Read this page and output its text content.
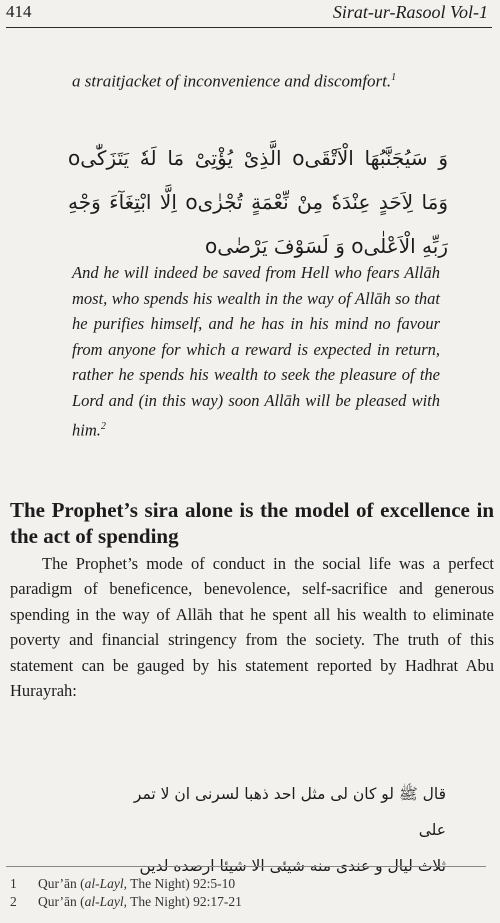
414	Sirat-ur-Rasool Vol-1

a straitjacket of inconvenience and discomfort.$^1$

وَ سَيُجَنَّبُهَا الْاَتْقَىo الَّذِىْ يُؤْتِىْ مَا لَهٗ يَتَزَكّٰىo وَمَا لِاَحَدٍ عِنْدَهٗ مِنْ نِّعْمَةٍ تُجْزٰىo اِلَّا ابْتِغَآءَ وَجْهِ رَبِّهِ الْاَعْلٰىo وَ لَسَوْفَ يَرْضٰىo

And he will indeed be saved from Hell who fears Allāh most, who spends his wealth in the way of Allāh so that he purifies himself, and he has in his mind no favour from anyone for which a reward is expected in return, rather he spends his wealth to seek the pleasure of the Lord and (in this way) soon Allāh will be pleased with him.$^2$

The Prophet’s sira alone is the model of excellence in the act of spending

The Prophet’s mode of conduct in the social life was a perfect paradigm of beneficence, benevolence, self-sacrifice and generous spending in the way of Allāh that he spent all his wealth to eliminate poverty and financial stringency from the society. The truth of this statement can be gauged by his statement reported by Hadhrat Abu Hurayrah:

قال ﷺ لو كان لى مثل احد ذهبا لسرنى ان لا تمر على
ثلاث ليال و عندى منه شيئى الا شيئا ارصده لدين
1	Qur’ān (al-Layl, The Night) 92:5-10
2	Qur’ān (al-Layl, The Night) 92:17-21
